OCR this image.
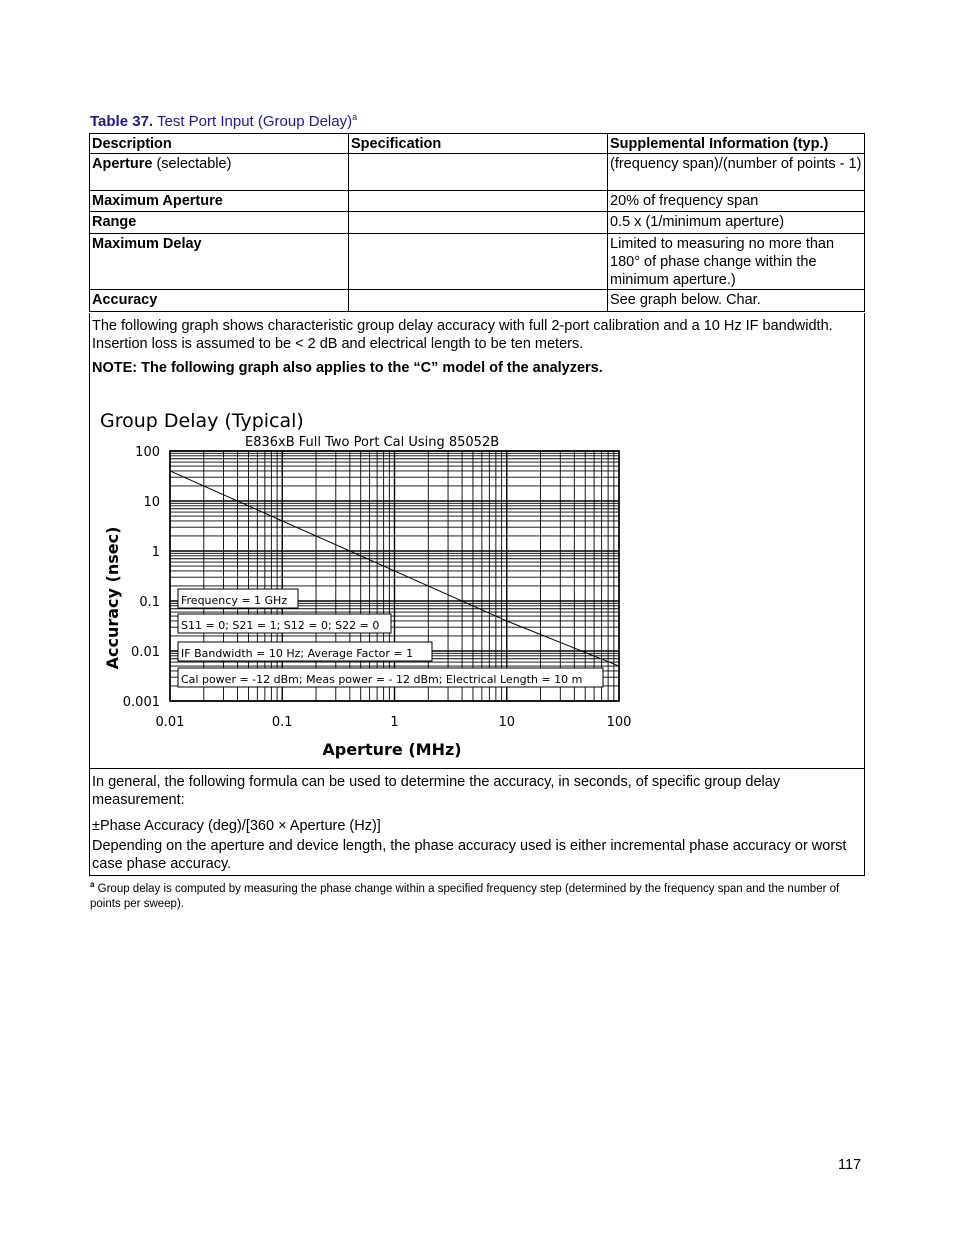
Table 37. Test Port Input (Group Delay)$^a$
Description	Specification	Supplemental Information (typ.)
Aperture (selectable)		(frequency span)/(number of points - 1)
Maximum Aperture		20% of frequency span
Range		0.5 x (1/minimum aperture)
Maximum Delay		Limited to measuring no more than 180° of phase change within the minimum aperture.)
Accuracy		See graph below. Char.

The following graph shows characteristic group delay accuracy with full 2-port calibration and a 10 Hz IF bandwidth. Insertion loss is assumed to be < 2 dB and electrical length to be ten meters.

NOTE: The following graph also applies to the “C” model of the analyzers.

Group Delay (Typical)
E836xB Full Two Port Cal Using 85052B
Accuracy (nsec)
Aperture (MHz)
0.01	0.1	1	10	100
100
10
1
0.1
0.01
0.001
Frequency = 1 GHz
S11 = 0; S21 = 1; S12 = 0; S22 = 0
IF Bandwidth = 10 Hz; Average Factor = 1
Cal power = -12 dBm; Meas power = - 12 dBm; Electrical Length = 10 m

In general, the following formula can be used to determine the accuracy, in seconds, of specific group delay measurement:

±Phase Accuracy (deg)/[360 × Aperture (Hz)]

Depending on the aperture and device length, the phase accuracy used is either incremental phase accuracy or worst case phase accuracy.

$^a$ Group delay is computed by measuring the phase change within a specified frequency step (determined by the frequency span and the number of points per sweep).
117
